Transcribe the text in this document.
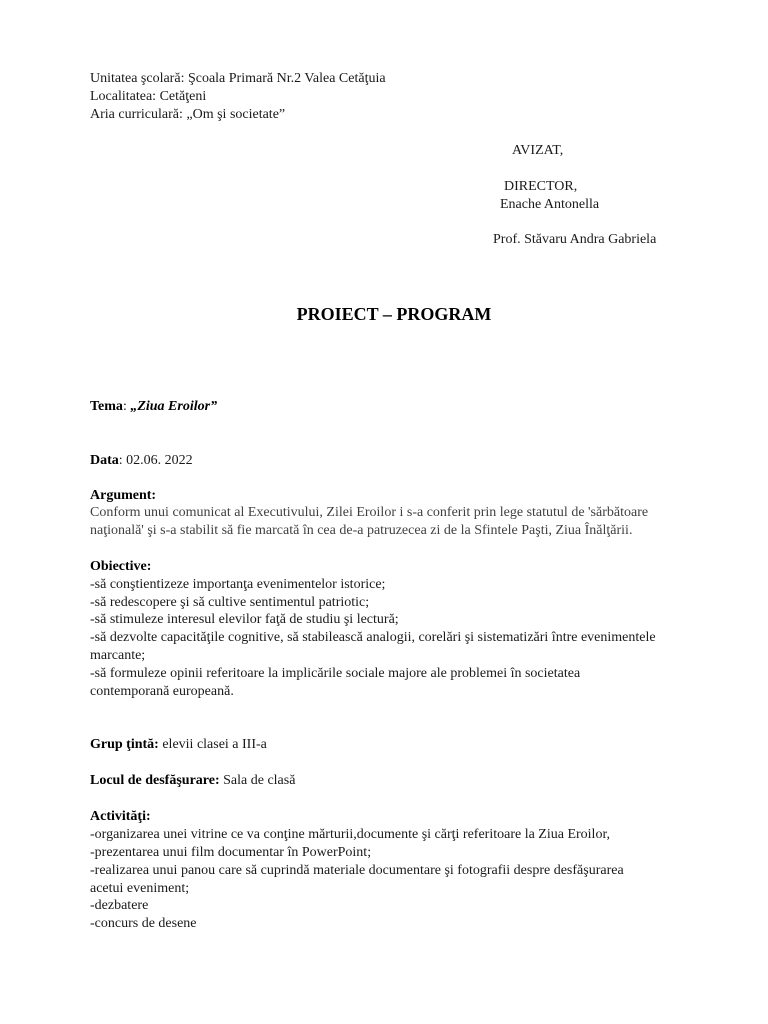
Unitatea şcolară: Şcoala Primară Nr.2 Valea Cetăţuia
Localitatea: Cetăţeni
Aria curriculară: „Om şi societate”
AVIZAT,
DIRECTOR,
Enache Antonella
Prof. Stăvaru Andra Gabriela
PROIECT – PROGRAM
Tema: „Ziua Eroilor”
Data: 02.06. 2022
Argument:
Conform unui comunicat al Executivului, Zilei Eroilor i s-a conferit prin lege statutul de 'sărbătoare
naţională' şi s-a stabilit să fie marcată în cea de-a patruzecea zi de la Sfintele Paşti, Ziua Înălţării.
Obiective:
-să conştientizeze importanţa evenimentelor istorice;
-să redescopere şi să cultive sentimentul patriotic;
-să stimuleze interesul elevilor faţă de studiu şi lectură;
-să dezvolte capacităţile cognitive, să stabilească analogii, corelări şi sistematizări între evenimentele
marcante;
-să formuleze opinii referitoare la implicările sociale majore ale problemei în societatea
contemporană europeană.
Grup ţintă: elevii clasei a III-a
Locul de desfăşurare: Sala de clasă
Activităţi:
-organizarea unei vitrine ce va conţine mărturii,documente şi cărţi referitoare la Ziua Eroilor,
-prezentarea unui film documentar în PowerPoint;
-realizarea unui panou care să cuprindă materiale documentare şi fotografii despre desfăşurarea
acetui eveniment;
-dezbatere
-concurs de desene
